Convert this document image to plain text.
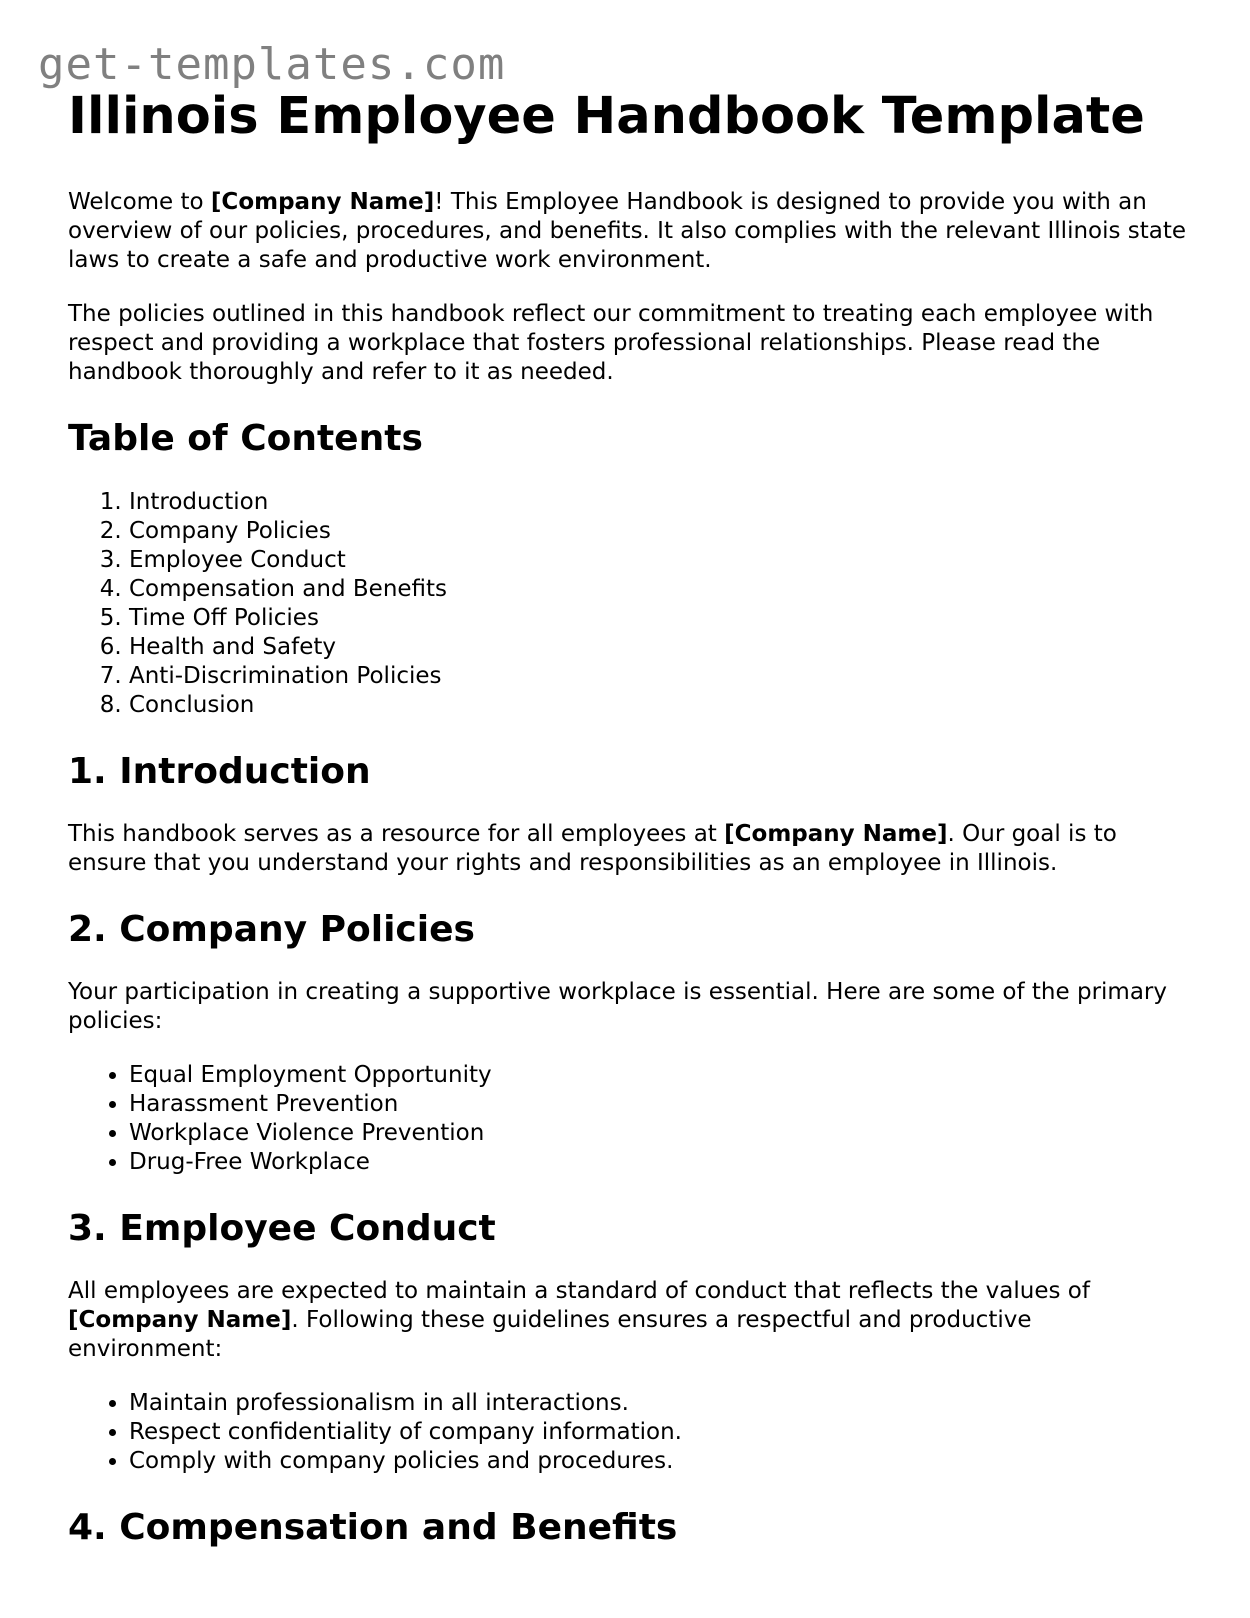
get-templates.com
Illinois Employee Handbook Template

Welcome to [Company Name]! This Employee Handbook is designed to provide you with an overview of our policies, procedures, and benefits. It also complies with the relevant Illinois state laws to create a safe and productive work environment.

The policies outlined in this handbook reflect our commitment to treating each employee with respect and providing a workplace that fosters professional relationships. Please read the handbook thoroughly and refer to it as needed.

Table of Contents
1. Introduction
2. Company Policies
3. Employee Conduct
4. Compensation and Benefits
5. Time Off Policies
6. Health and Safety
7. Anti-Discrimination Policies
8. Conclusion
1. Introduction

This handbook serves as a resource for all employees at [Company Name]. Our goal is to ensure that you understand your rights and responsibilities as an employee in Illinois.

2. Company Policies

Your participation in creating a supportive workplace is essential. Here are some of the primary policies:

• Equal Employment Opportunity
• Harassment Prevention
• Workplace Violence Prevention
• Drug-Free Workplace
3. Employee Conduct

All employees are expected to maintain a standard of conduct that reflects the values of [Company Name]. Following these guidelines ensures a respectful and productive environment:

• Maintain professionalism in all interactions.
• Respect confidentiality of company information.
• Comply with company policies and procedures.
4. Compensation and Benefits
